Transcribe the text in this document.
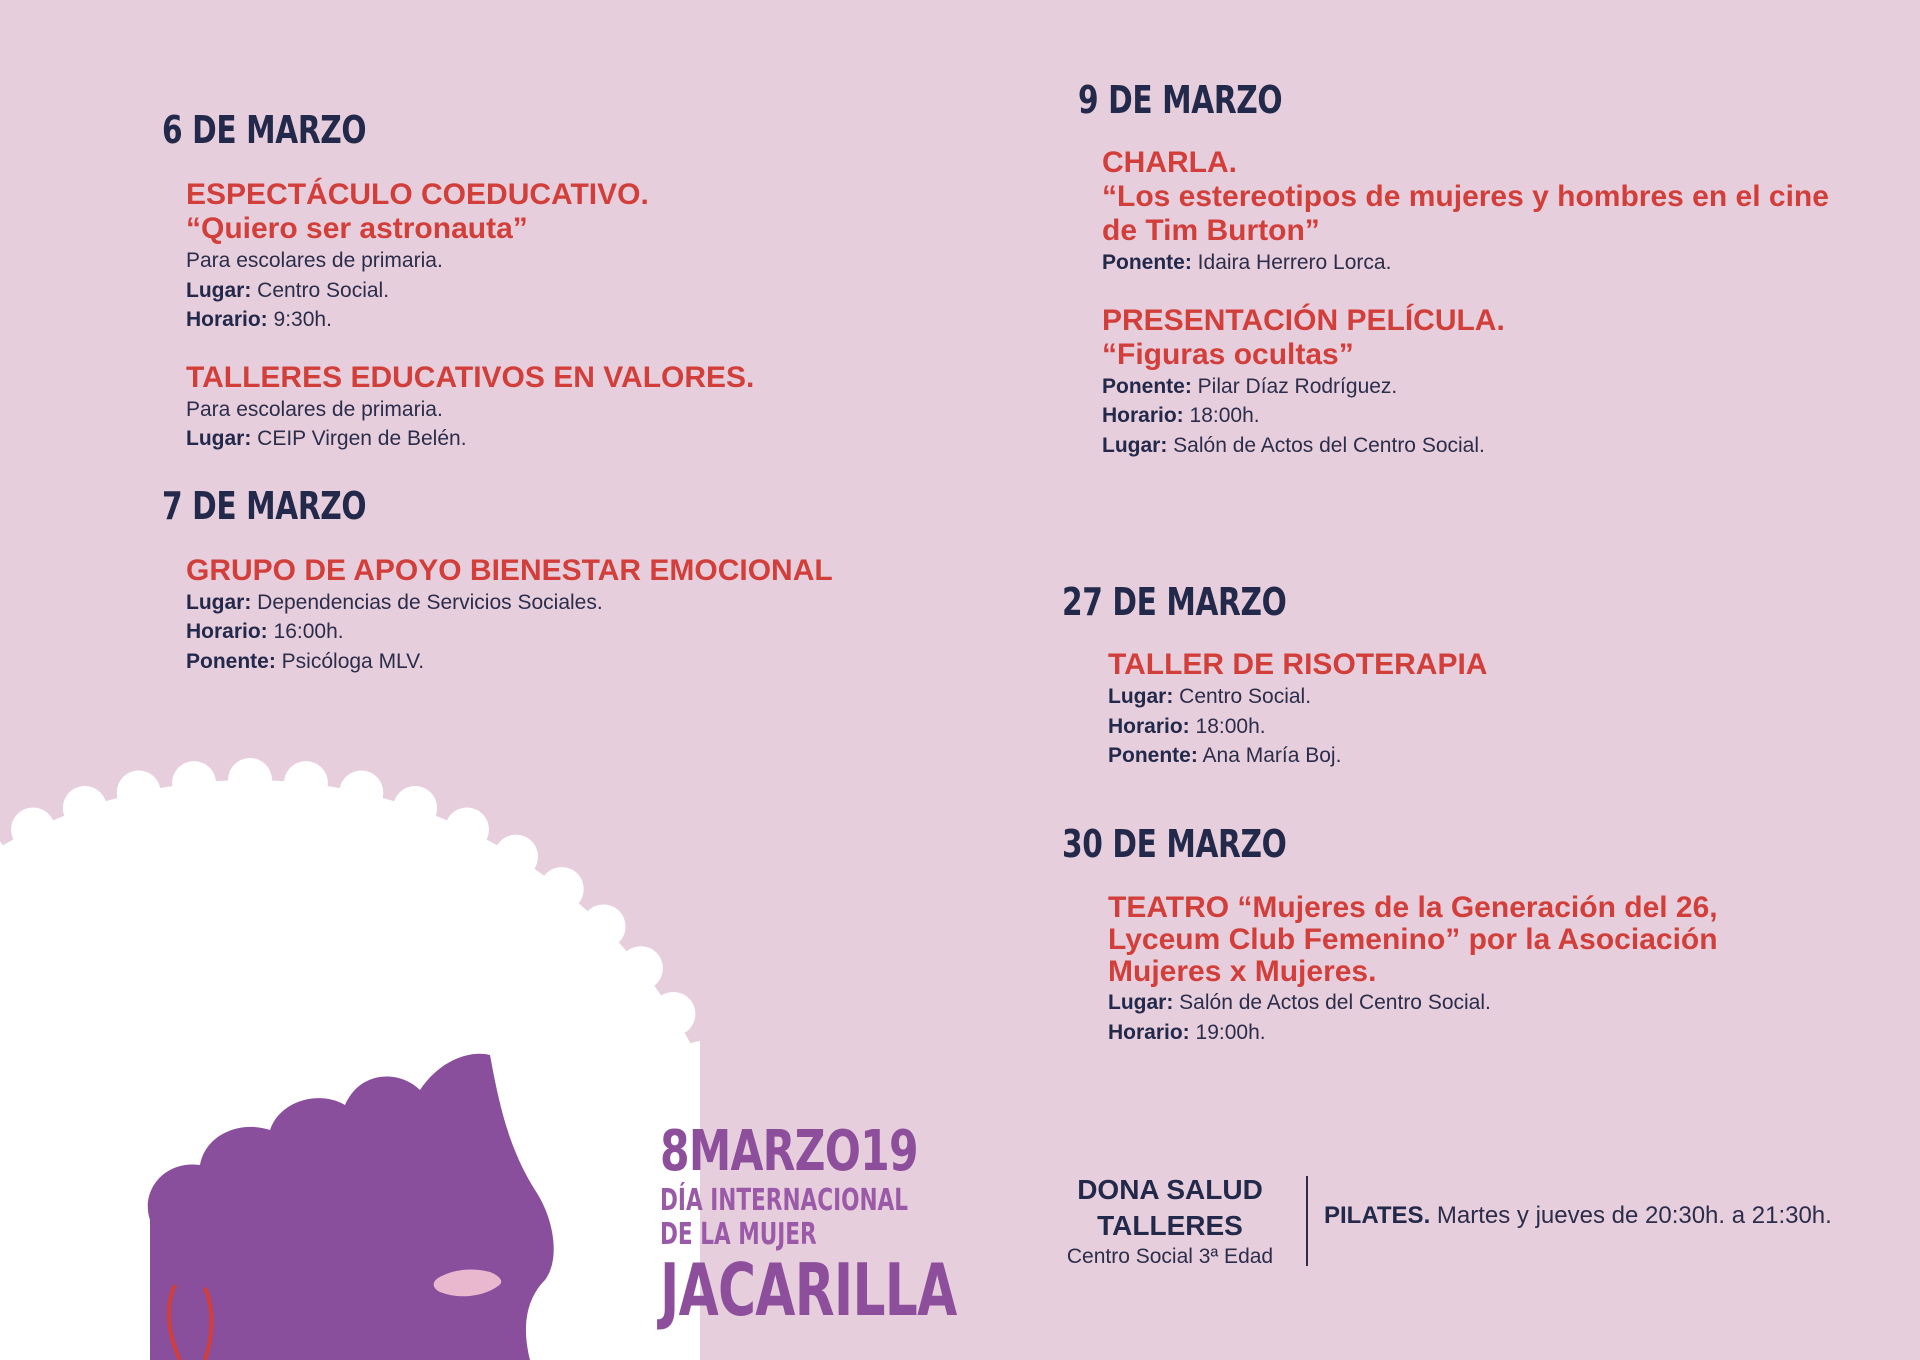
6 DE MARZO
ESPECTÁCULO COEDUCATIVO.
“Quiero ser astronauta”
Para escolares de primaria.
Lugar: Centro Social.
Horario: 9:30h.
TALLERES EDUCATIVOS EN VALORES.
Para escolares de primaria.
Lugar: CEIP Virgen de Belén.
7 DE MARZO
GRUPO DE APOYO BIENESTAR EMOCIONAL
Lugar: Dependencias de Servicios Sociales.
Horario: 16:00h.
Ponente: Psicóloga MLV.
9 DE MARZO
CHARLA.
“Los estereotipos de mujeres y hombres en el cine
de Tim Burton”
Ponente: Idaira Herrero Lorca.
PRESENTACIÓN PELÍCULA.
“Figuras ocultas”
Ponente: Pilar Díaz Rodríguez.
Horario: 18:00h.
Lugar: Salón de Actos del Centro Social.
27 DE MARZO
TALLER DE RISOTERAPIA
Lugar: Centro Social.
Horario: 18:00h.
Ponente: Ana María Boj.
30 DE MARZO
TEATRO “Mujeres de la Generación del 26,
Lyceum Club Femenino” por la Asociación
Mujeres x Mujeres.
Lugar: Salón de Actos del Centro Social.
Horario: 19:00h.
8MARZO19
DÍA INTERNACIONAL
DE LA MUJER
JACARILLA
DONA SALUD
TALLERES
Centro Social 3ª Edad
PILATES. Martes y jueves de 20:30h. a 21:30h.
